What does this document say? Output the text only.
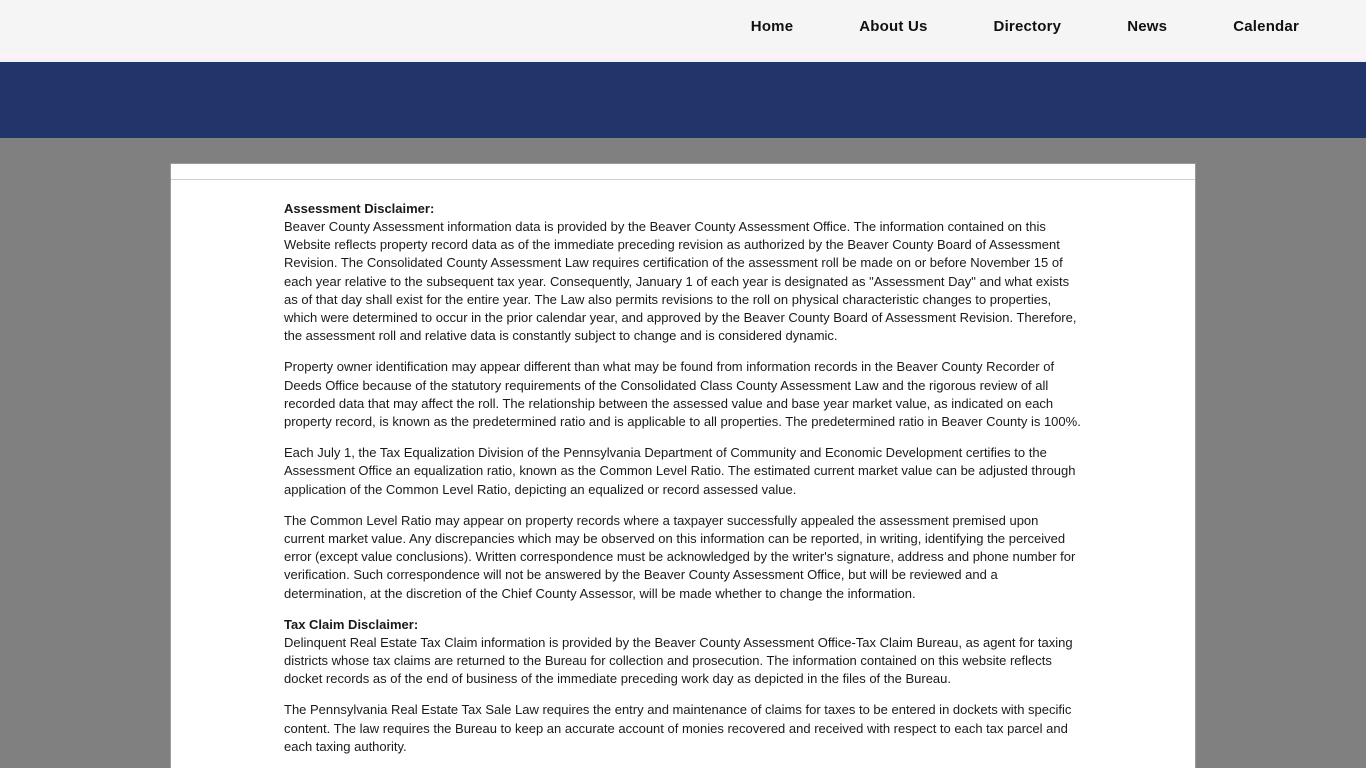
Home	About Us	Directory	News	Calendar
Assessment Disclaimer:

Beaver County Assessment information data is provided by the Beaver County Assessment Office. The information contained on this Website reflects property record data as of the immediate preceding revision as authorized by the Beaver County Board of Assessment Revision. The Consolidated County Assessment Law requires certification of the assessment roll be made on or before November 15 of each year relative to the subsequent tax year. Consequently, January 1 of each year is designated as "Assessment Day" and what exists as of that day shall exist for the entire year. The Law also permits revisions to the roll on physical characteristic changes to properties, which were determined to occur in the prior calendar year, and approved by the Beaver County Board of Assessment Revision. Therefore, the assessment roll and relative data is constantly subject to change and is considered dynamic.

Property owner identification may appear different than what may be found from information records in the Beaver County Recorder of Deeds Office because of the statutory requirements of the Consolidated Class County Assessment Law and the rigorous review of all recorded data that may affect the roll. The relationship between the assessed value and base year market value, as indicated on each property record, is known as the predetermined ratio and is applicable to all properties. The predetermined ratio in Beaver County is 100%.

Each July 1, the Tax Equalization Division of the Pennsylvania Department of Community and Economic Development certifies to the Assessment Office an equalization ratio, known as the Common Level Ratio. The estimated current market value can be adjusted through application of the Common Level Ratio, depicting an equalized or record assessed value.

The Common Level Ratio may appear on property records where a taxpayer successfully appealed the assessment premised upon current market value. Any discrepancies which may be observed on this information can be reported, in writing, identifying the perceived error (except value conclusions). Written correspondence must be acknowledged by the writer's signature, address and phone number for verification. Such correspondence will not be answered by the Beaver County Assessment Office, but will be reviewed and a determination, at the discretion of the Chief County Assessor, will be made whether to change the information.

Tax Claim Disclaimer:

Delinquent Real Estate Tax Claim information is provided by the Beaver County Assessment Office-Tax Claim Bureau, as agent for taxing districts whose tax claims are returned to the Bureau for collection and prosecution. The information contained on this website reflects docket records as of the end of business of the immediate preceding work day as depicted in the files of the Bureau.

The Pennsylvania Real Estate Tax Sale Law requires the entry and maintenance of claims for taxes to be entered in dockets with specific content. The law requires the Bureau to keep an accurate account of monies recovered and received with respect to each tax parcel and each taxing authority.
